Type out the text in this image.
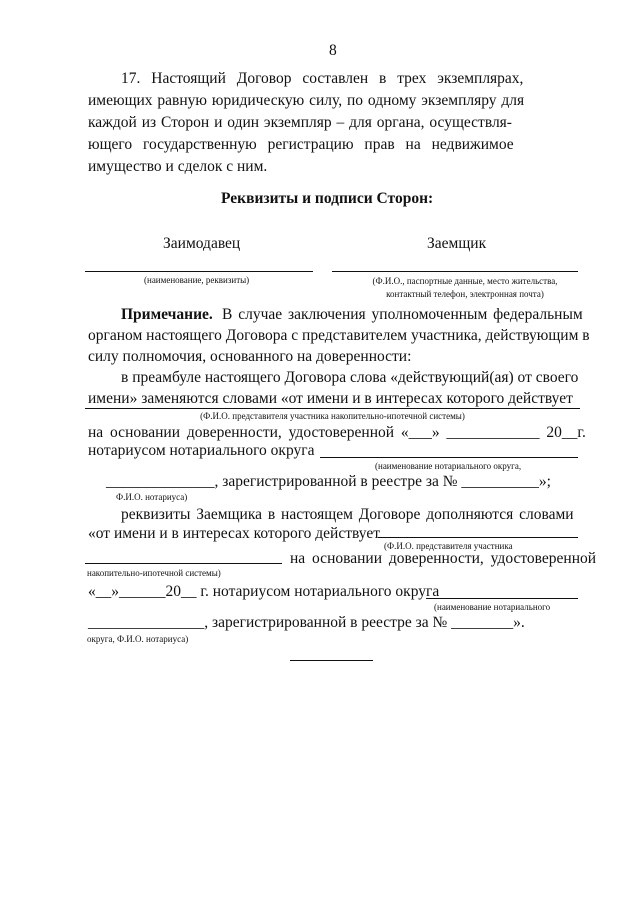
8
17. Настоящий Договор составлен в трех экземплярах,
имеющих равную юридическую силу, по одному экземпляру для
каждой из Сторон и один экземпляр – для органа, осуществля-
ющего государственную регистрацию прав на недвижимое
имущество и сделок с ним.
Реквизиты и подписи Сторон:
Заимодавец	Заемщик
(наименование, реквизиты)	(Ф.И.О., паспортные данные, место жительства,
контактный телефон, электронная почта)
Примечание. В случае заключения уполномоченным федеральным
органом настоящего Договора с представителем участника, действующим в
силу полномочия, основанного на доверенности:
в преамбуле настоящего Договора слова «действующий(ая) от своего
имени» заменяются словами «от имени и в интересах которого действует
(Ф.И.О. представителя участника накопительно-ипотечной системы)
на основании доверенности, удостоверенной «___» ____________ 20__г.
нотариусом нотариального округа
(наименование нотариального округа,
______________, зарегистрированной в реестре за № __________»;
Ф.И.О. нотариуса)
реквизиты Заемщика в настоящем Договоре дополняются словами
«от имени и в интересах которого действует
(Ф.И.О. представителя участника
на основании доверенности, удостоверенной
накопительно-ипотечной системы)
«__»______20__ г. нотариусом нотариального округа
(наименование нотариального
_______________, зарегистрированной в реестре за № ________».
округа, Ф.И.О. нотариуса)
